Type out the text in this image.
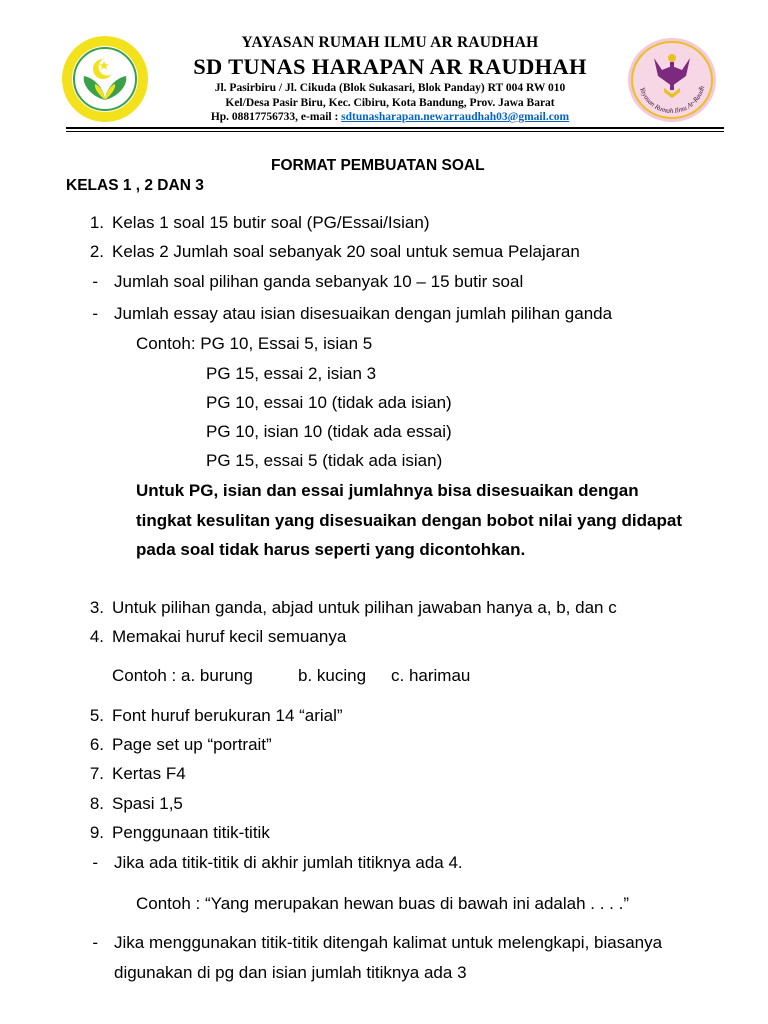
YAYASAN RUMAH ILMU AR RAUDHAH
SD TUNAS HARAPAN AR RAUDHAH
Jl. Pasirbiru / Jl. Cikuda (Blok Sukasari, Blok Panday) RT 004 RW 010
Kel/Desa Pasir Biru, Kec. Cibiru, Kota Bandung, Prov. Jawa Barat
Hp. 08817756733, e-mail : sdtunasharapan.newarraudhah03@gmail.com
Yayasan Rumah Ilmu Ar-Raudh
FORMAT PEMBUATAN SOAL
KELAS 1 , 2 DAN 3
1. Kelas 1 soal 15 butir soal (PG/Essai/Isian)
2. Kelas 2 Jumlah soal sebanyak 20 soal untuk semua Pelajaran
- Jumlah soal pilihan ganda sebanyak 10 – 15 butir soal
- Jumlah essay atau isian disesuaikan dengan jumlah pilihan ganda
Contoh: PG 10, Essai 5, isian 5
PG 15, essai 2, isian 3
PG 10, essai 10 (tidak ada isian)
PG 10, isian 10 (tidak ada essai)
PG 15, essai 5 (tidak ada isian)
Untuk PG, isian dan essai jumlahnya bisa disesuaikan dengan
tingkat kesulitan yang disesuaikan dengan bobot nilai yang didapat
pada soal tidak harus seperti yang dicontohkan.
3. Untuk pilihan ganda, abjad untuk pilihan jawaban hanya a, b, dan c
4. Memakai huruf kecil semuanya
Contoh : a. burung	b. kucing c. harimau
5. Font huruf berukuran 14 “arial”
6. Page set up “portrait”
7. Kertas F4
8. Spasi 1,5
9. Penggunaan titik-titik
- Jika ada titik-titik di akhir jumlah titiknya ada 4.
Contoh : “Yang merupakan hewan buas di bawah ini adalah . . . .”
- Jika menggunakan titik-titik ditengah kalimat untuk melengkapi, biasanya
digunakan di pg dan isian jumlah titiknya ada 3
